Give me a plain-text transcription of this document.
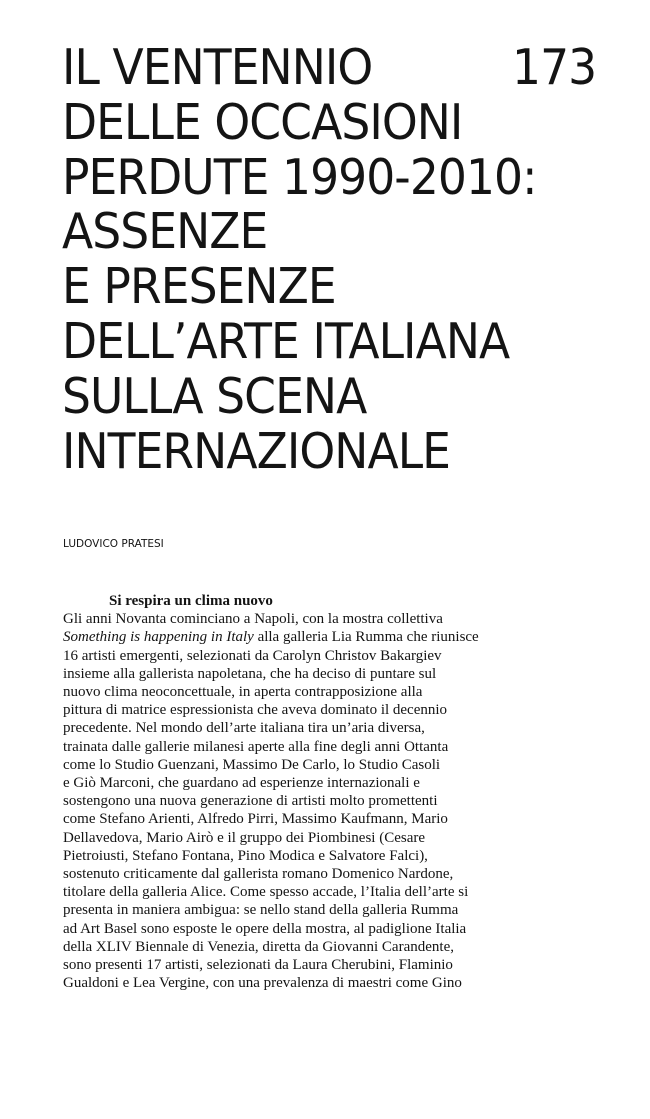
IL VENTENNIO
DELLE OCCASIONI
PERDUTE 1990-2010:
ASSENZE
E PRESENZE
DELL’ARTE ITALIANA
SULLA SCENA
INTERNAZIONALE
173
LUDOVICO PRATESI
Si respira un clima nuovo
Gli anni Novanta cominciano a Napoli, con la mostra collettiva
Something is happening in Italy alla galleria Lia Rumma che riunisce
16 artisti emergenti, selezionati da Carolyn Christov Bakargiev
insieme alla gallerista napoletana, che ha deciso di puntare sul
nuovo clima neoconcettuale, in aperta contrapposizione alla
pittura di matrice espressionista che aveva dominato il decennio
precedente. Nel mondo dell’arte italiana tira un’aria diversa,
trainata dalle gallerie milanesi aperte alla fine degli anni Ottanta
come lo Studio Guenzani, Massimo De Carlo, lo Studio Casoli
e Giò Marconi, che guardano ad esperienze internazionali e
sostengono una nuova generazione di artisti molto promettenti
come Stefano Arienti, Alfredo Pirri, Massimo Kaufmann, Mario
Dellavedova, Mario Airò e il gruppo dei Piombinesi (Cesare
Pietroiusti, Stefano Fontana, Pino Modica e Salvatore Falci),
sostenuto criticamente dal gallerista romano Domenico Nardone,
titolare della galleria Alice. Come spesso accade, l’Italia dell’arte si
presenta in maniera ambigua: se nello stand della galleria Rumma
ad Art Basel sono esposte le opere della mostra, al padiglione Italia
della XLIV Biennale di Venezia, diretta da Giovanni Carandente,
sono presenti 17 artisti, selezionati da Laura Cherubini, Flaminio
Gualdoni e Lea Vergine, con una prevalenza di maestri come Gino
